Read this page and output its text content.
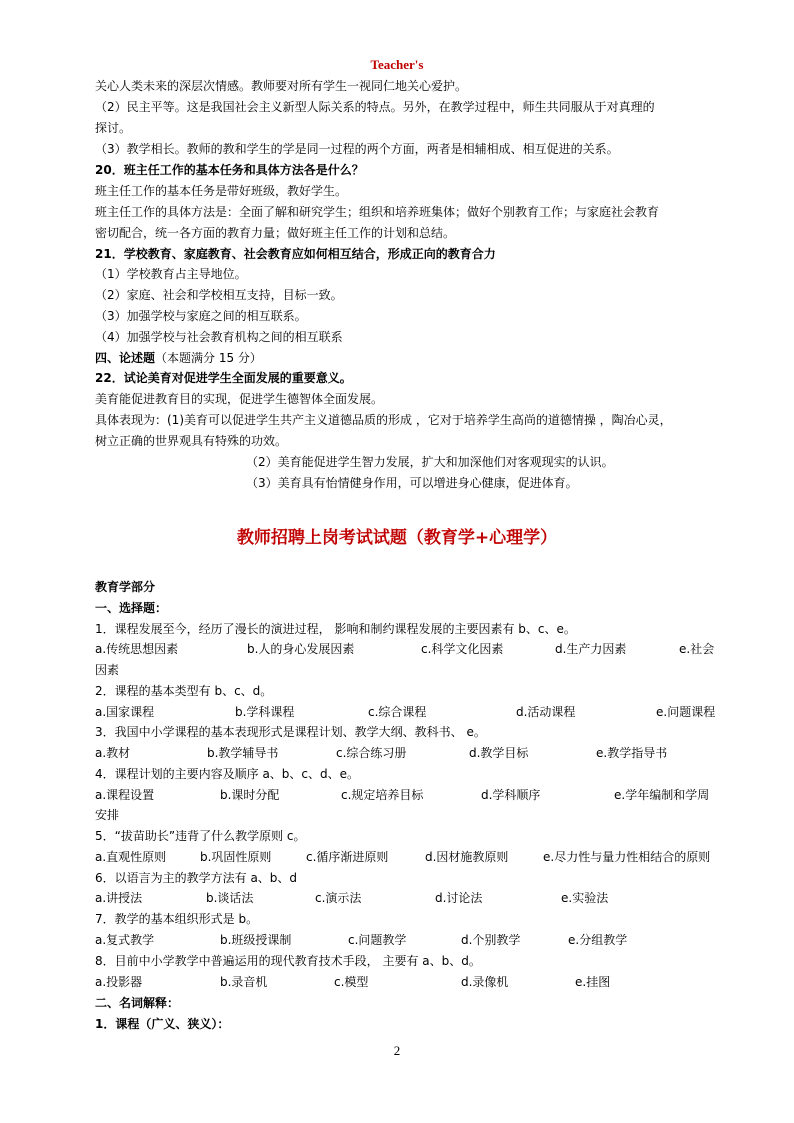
Teacher's
关心人类未来的深层次情感。教师要对所有学生一视同仁地关心爱护。
（2）民主平等。这是我国社会主义新型人际关系的特点。另外，在教学过程中，师生共同服从于对真理的
探讨。
（3）教学相长。教师的教和学生的学是同一过程的两个方面，两者是相辅相成、相互促进的关系。
20．班主任工作的基本任务和具体方法各是什么？
班主任工作的基本任务是带好班级，教好学生。
班主任工作的具体方法是：全面了解和研究学生；组织和培养班集体；做好个别教育工作；与家庭社会教育
密切配合，统一各方面的教育力量；做好班主任工作的计划和总结。
21．学校教育、家庭教育、社会教育应如何相互结合，形成正向的教育合力
（1）学校教育占主导地位。
（2）家庭、社会和学校相互支持，目标一致。
（3）加强学校与家庭之间的相互联系。
（4）加强学校与社会教育机构之间的相互联系
四、论述题（本题满分 15 分）
22．试论美育对促进学生全面发展的重要意义。
美育能促进教育目的实现，促进学生德智体全面发展。
具体表现为：(1)美育可以促进学生共产主义道德品质的形成 ，它对于培养学生高尚的道德情操 ，陶冶心灵，
树立正确的世界观具有特殊的功效。
（2）美育能促进学生智力发展，扩大和加深他们对客观现实的认识。
（3）美育具有怡情健身作用，可以增进身心健康，促进体育。
教师招聘上岗考试试题（教育学+心理学）
教育学部分
一、选择题：
1．课程发展至今，经历了漫长的演进过程， 影响和制约课程发展的主要因素有 b、c、e。
a.传统思想因素	b.人的身心发展因素	c.科学文化因素	d.生产力因素	e.社会
因素
2．课程的基本类型有 b、c、d。
a.国家课程	b.学科课程	c.综合课程	d.活动课程	e.问题课程
3．我国中小学课程的基本表现形式是课程计划、教学大纲、教科书、 e。
a.教材	b.教学辅导书	c.综合练习册	d.教学目标	e.教学指导书
4．课程计划的主要内容及顺序 a、b、c、d、e。
a.课程设置	b.课时分配	c.规定培养目标	d.学科顺序	e.学年编制和学周
安排
5．“拔苗助长”违背了什么教学原则 c。
a.直观性原则	b.巩固性原则	c.循序渐进原则	d.因材施教原则	e.尽力性与量力性相结合的原则
6．以语言为主的教学方法有 a、b、d
a.讲授法	b.谈话法	c.演示法	d.讨论法	e.实验法
7．教学的基本组织形式是 b。
a.复式教学	b.班级授课制	c.问题教学	d.个别教学	e.分组教学
8．目前中小学教学中普遍运用的现代教育技术手段， 主要有 a、b、d。
a.投影器	b.录音机	c.模型	d.录像机	e.挂图
二、名词解释：
1．课程（广义、狭义）：
2
